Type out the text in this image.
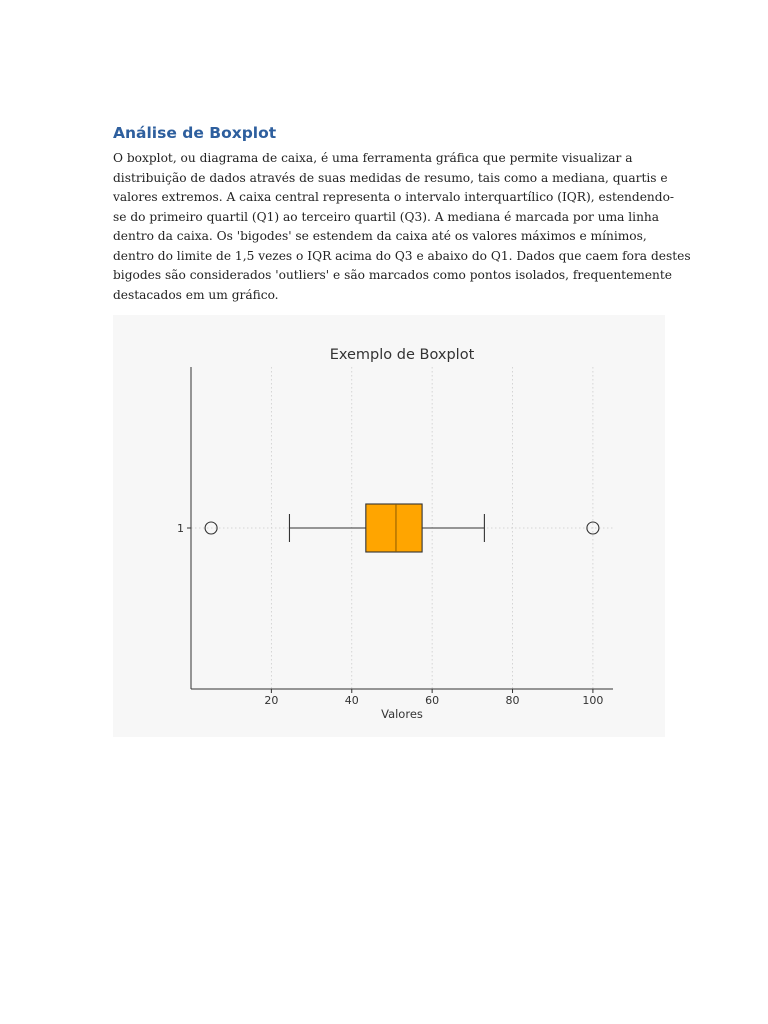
Análise de Boxplot
O boxplot, ou diagrama de caixa, é uma ferramenta gráfica que permite visualizar a
distribuição de dados através de suas medidas de resumo, tais como a mediana, quartis e
valores extremos. A caixa central representa o intervalo interquartílico (IQR), estendendo-
se do primeiro quartil (Q1) ao terceiro quartil (Q3). A mediana é marcada por uma linha
dentro da caixa. Os 'bigodes' se estendem da caixa até os valores máximos e mínimos,
dentro do limite de 1,5 vezes o IQR acima do Q3 e abaixo do Q1. Dados que caem fora destes
bigodes são considerados 'outliers' e são marcados como pontos isolados, frequentemente
destacados em um gráfico.
Exemplo de Boxplot
20	40	60	80	100
1
Valores
